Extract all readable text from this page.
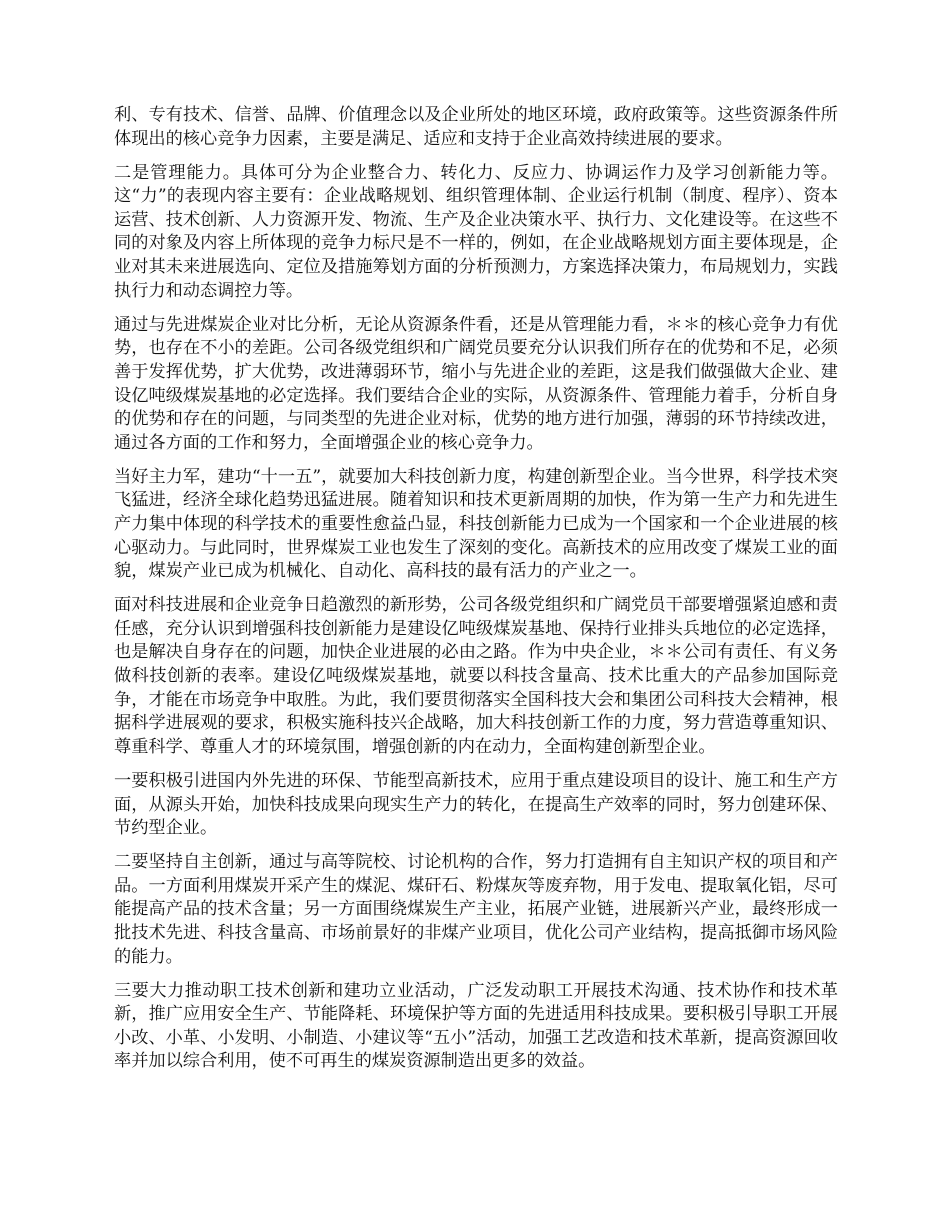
利、专有技术、信誉、品牌、价值理念以及企业所处的地区环境，政府政策等。这些资源条件所体现出的核心竞争力因素，主要是满足、适应和支持于企业高效持续进展的要求。

二是管理能力。具体可分为企业整合力、转化力、反应力、协调运作力及学习创新能力等。这“力”的表现内容主要有：企业战略规划、组织管理体制、企业运行机制（制度、程序）、资本运营、技术创新、人力资源开发、物流、生产及企业决策水平、执行力、文化建设等。在这些不同的对象及内容上所体现的竞争力标尺是不一样的，例如，在企业战略规划方面主要体现是，企业对其未来进展选向、定位及措施筹划方面的分析预测力，方案选择决策力，布局规划力，实践执行力和动态调控力等。

通过与先进煤炭企业对比分析，无论从资源条件看，还是从管理能力看，＊＊的核心竞争力有优势，也存在不小的差距。公司各级党组织和广阔党员要充分认识我们所存在的优势和不足，必须善于发挥优势，扩大优势，改进薄弱环节，缩小与先进企业的差距，这是我们做强做大企业、建设亿吨级煤炭基地的必定选择。我们要结合企业的实际，从资源条件、管理能力着手，分析自身的优势和存在的问题，与同类型的先进企业对标，优势的地方进行加强，薄弱的环节持续改进，通过各方面的工作和努力，全面增强企业的核心竞争力。

当好主力军，建功“十一五”，就要加大科技创新力度，构建创新型企业。当今世界，科学技术突飞猛进，经济全球化趋势迅猛进展。随着知识和技术更新周期的加快，作为第一生产力和先进生产力集中体现的科学技术的重要性愈益凸显，科技创新能力已成为一个国家和一个企业进展的核心驱动力。与此同时，世界煤炭工业也发生了深刻的变化。高新技术的应用改变了煤炭工业的面貌，煤炭产业已成为机械化、自动化、高科技的最有活力的产业之一。

面对科技进展和企业竞争日趋激烈的新形势，公司各级党组织和广阔党员干部要增强紧迫感和责任感，充分认识到增强科技创新能力是建设亿吨级煤炭基地、保持行业排头兵地位的必定选择，也是解决自身存在的问题，加快企业进展的必由之路。作为中央企业，＊＊公司有责任、有义务做科技创新的表率。建设亿吨级煤炭基地，就要以科技含量高、技术比重大的产品参加国际竞争，才能在市场竞争中取胜。为此，我们要贯彻落实全国科技大会和集团公司科技大会精神，根据科学进展观的要求，积极实施科技兴企战略，加大科技创新工作的力度，努力营造尊重知识、尊重科学、尊重人才的环境氛围，增强创新的内在动力，全面构建创新型企业。

一要积极引进国内外先进的环保、节能型高新技术，应用于重点建设项目的设计、施工和生产方面，从源头开始，加快科技成果向现实生产力的转化，在提高生产效率的同时，努力创建环保、节约型企业。

二要坚持自主创新，通过与高等院校、讨论机构的合作，努力打造拥有自主知识产权的项目和产品。一方面利用煤炭开采产生的煤泥、煤矸石、粉煤灰等废弃物，用于发电、提取氧化铝，尽可能提高产品的技术含量；另一方面围绕煤炭生产主业，拓展产业链，进展新兴产业，最终形成一批技术先进、科技含量高、市场前景好的非煤产业项目，优化公司产业结构，提高抵御市场风险的能力。

三要大力推动职工技术创新和建功立业活动，广泛发动职工开展技术沟通、技术协作和技术革新，推广应用安全生产、节能降耗、环境保护等方面的先进适用科技成果。要积极引导职工开展小改、小革、小发明、小制造、小建议等“五小”活动，加强工艺改造和技术革新，提高资源回收率并加以综合利用，使不可再生的煤炭资源制造出更多的效益。
